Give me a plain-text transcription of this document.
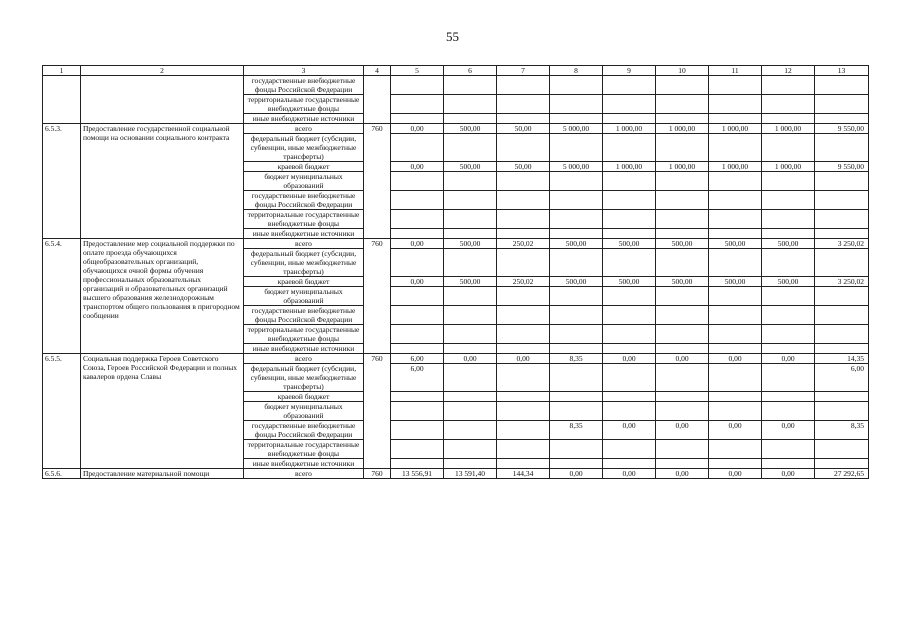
55
1	2	3	4	5	6	7	8	9	10	11	12	13
		государственные внебюджетные фонды Российской Федерации										
		территориальные государственные внебюджетные фонды										
		иные внебюджетные источники										
6.5.3.	Предоставление государственной социальной помощи на основании социального контракта	всего	760	0,00	500,00	50,00	5 000,00	1 000,00	1 000,00	1 000,00	1 000,00	9 550,00
		федеральный бюджет (субсидии, субвенции, иные межбюджетные трансферты)										
		краевой бюджет		0,00	500,00	50,00	5 000,00	1 000,00	1 000,00	1 000,00	1 000,00	9 550,00
		бюджет муниципальных образований										
		государственные внебюджетные фонды Российской Федерации										
		территориальные государственные внебюджетные фонды										
		иные внебюджетные источники										
6.5.4.	Предоставление мер социальной поддержки по оплате проезда обучающихся общеобразовательных организаций, обучающихся очной формы обучения профессиональных образовательных организаций и образовательных организаций высшего образования железнодорожным транспортом общего пользования в пригородном сообщении	всего	760	0,00	500,00	250,02	500,00	500,00	500,00	500,00	500,00	3 250,02
		федеральный бюджет (субсидии, субвенции, иные межбюджетные трансферты)										
		краевой бюджет		0,00	500,00	250,02	500,00	500,00	500,00	500,00	500,00	3 250,02
		бюджет муниципальных образований										
		государственные внебюджетные фонды Российской Федерации										
		территориальные государственные внебюджетные фонды										
		иные внебюджетные источники										
6.5.5.	Социальная поддержка Героев Советского Союза, Героев Российской Федерации и полных кавалеров ордена Славы	всего	760	6,00	0,00	0,00	8,35	0,00	0,00	0,00	0,00	14,35
		федеральный бюджет (субсидии, субвенции, иные межбюджетные трансферты)		6,00								6,00
		краевой бюджет										
		бюджет муниципальных образований										
		государственные внебюджетные фонды Российской Федерации					8,35	0,00	0,00	0,00	0,00	8,35
		территориальные государственные внебюджетные фонды										
		иные внебюджетные источники										
6.5.6.	Предоставление материальной помощи	всего	760	13 556,91	13 591,40	144,34	0,00	0,00	0,00	0,00	0,00	27 292,65
